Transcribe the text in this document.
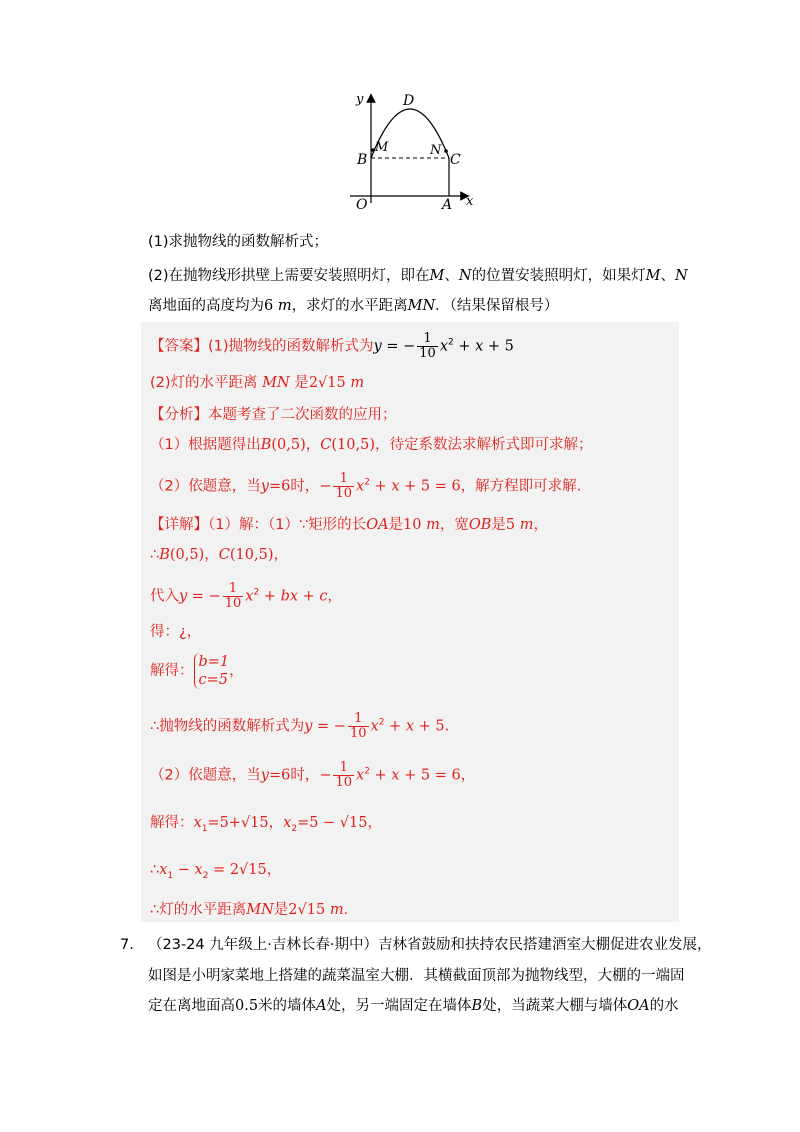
y	D
M
B
N
C
O	A x
(1)求抛物线的函数解析式；
(2)在抛物线形拱壁上需要安装照明灯，即在M、N的位置安装照明灯，如果灯M、N
离地面的高度均为6 m，求灯的水平距离MN．（结果保留根号）
【答案】(1)抛物线的函数解析式为y = − $\frac{1}{10} x^2 + x + 5$
(2)灯的水平距离 MN 是2√15 m
【分析】本题考查了二次函数的应用；
（1）根据题得出B(0,5)，C(10,5)，待定系数法求解析式即可求解；
（2）依题意，当y=6时，− $\frac{1}{10} x^2 + x + 5 = 6$，解方程即可求解.
【详解】（1）解：（1）∵矩形的长OA是10 m，宽OB是5 m，
∴B(0,5)，C(10,5)，
代入y = − $\frac{1}{10} x^2$ + bx + c，
得：¿，
解得：b=1
c=5，
∴抛物线的函数解析式为y = − $\frac{1}{10} x^2 + x + 5$.
（2）依题意，当y=6时，− $\frac{1}{10} x^2 + x + 5 = 6$，
解得：$x_1=5+√15$，$x_2=5 - √15$，
$\therefore x_1 - x_2 = 2√15$，
∴灯的水平距离MN是2√15 m.
7. （23-24 九年级上·吉林长春·期中）吉林省鼓励和扶持农民搭建酒室大棚促进农业发展，
如图是小明家菜地上搭建的蔬菜温室大棚．其横截面顶部为抛物线型，大棚的一端固
定在离地面高0.5米的墙体A处，另一端固定在墙体B处，当蔬菜大棚与墙体OA的水
